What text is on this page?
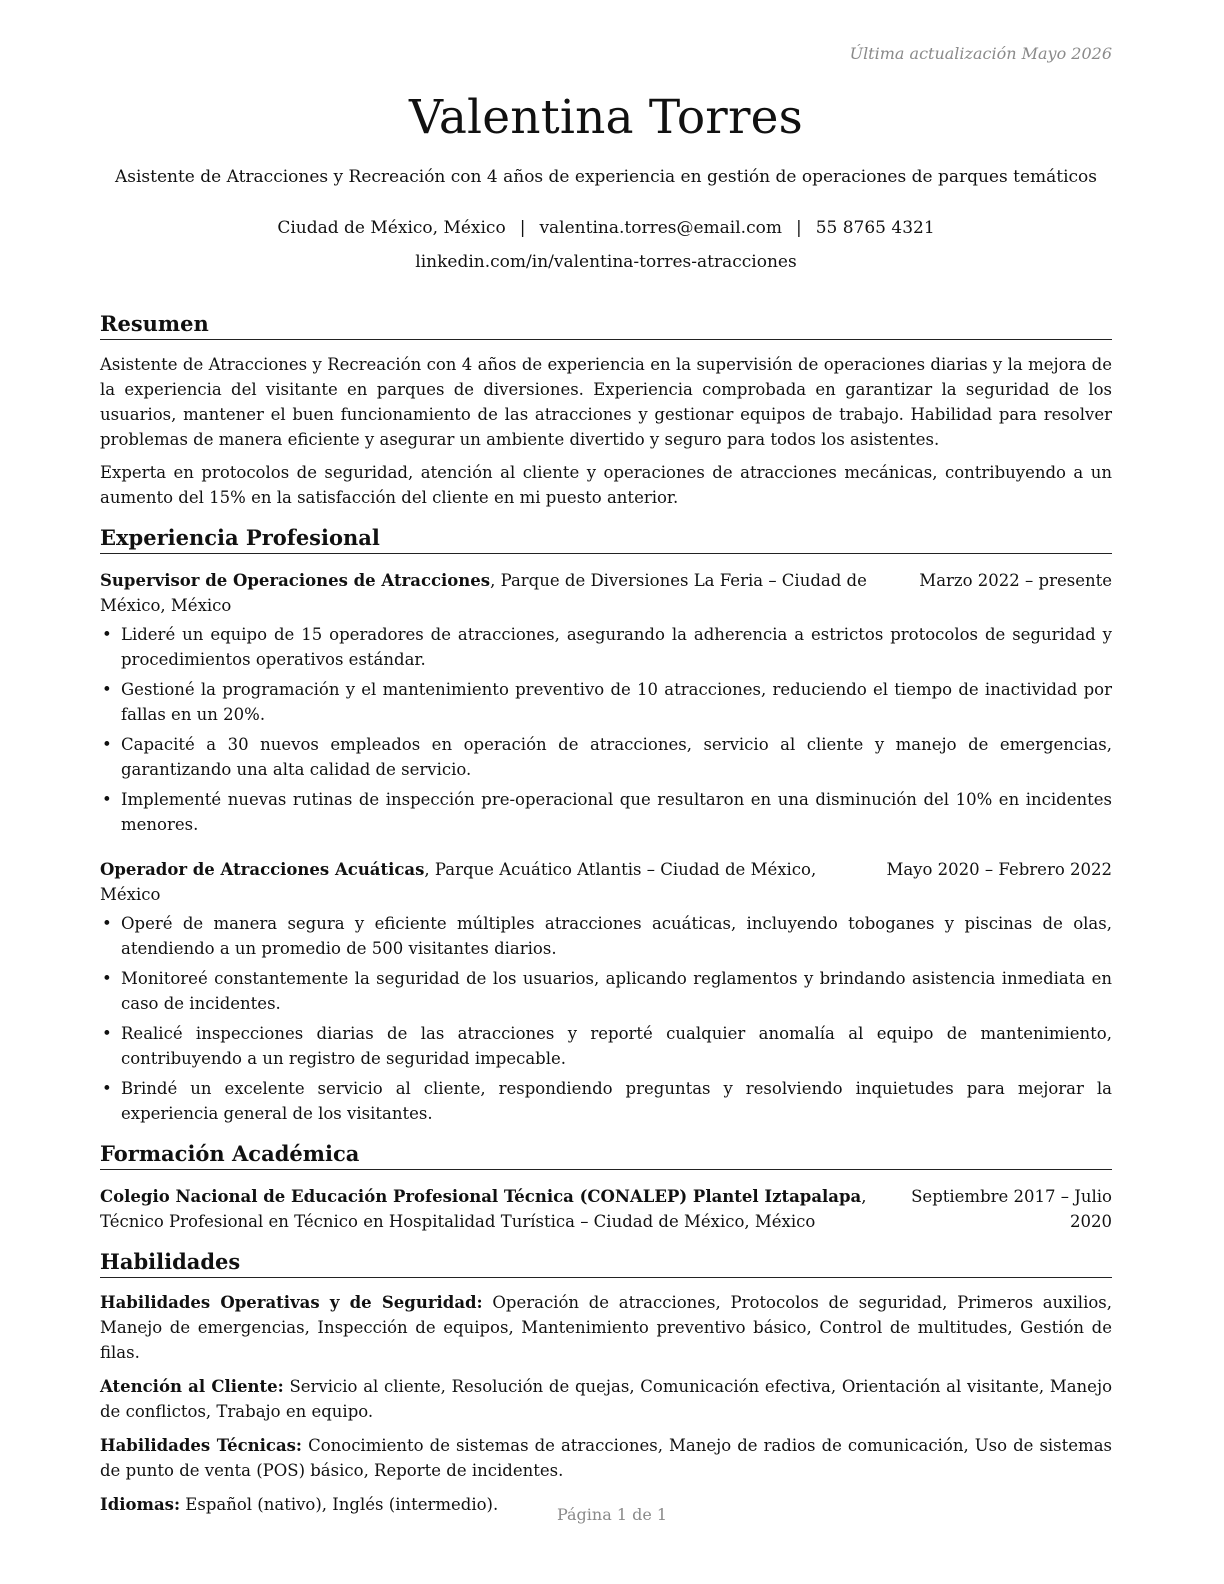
Última actualización Mayo 2026
Valentina Torres
Asistente de Atracciones y Recreación con 4 años de experiencia en gestión de operaciones de parques temáticos
Ciudad de México, México | valentina.torres@email.com | 55 8765 4321
linkedin.com/in/valentina-torres-atracciones
Resumen

Asistente de Atracciones y Recreación con 4 años de experiencia en la supervisión de operaciones diarias y la mejora de la experiencia del visitante en parques de diversiones. Experiencia comprobada en garantizar la seguridad de los usuarios, mantener el buen funcionamiento de las atracciones y gestionar equipos de trabajo. Habilidad para resolver problemas de manera eficiente y asegurar un ambiente divertido y seguro para todos los asistentes.

Experta en protocolos de seguridad, atención al cliente y operaciones de atracciones mecánicas, contribuyendo a un aumento del 15% en la satisfacción del cliente en mi puesto anterior.

Experiencia Profesional
Supervisor de Operaciones de Atracciones, Parque de Diversiones La Feria – Ciudad de México, México
Marzo 2022 – presente
• Lideré un equipo de 15 operadores de atracciones, asegurando la adherencia a estrictos protocolos de seguridad y procedimientos operativos estándar.
• Gestioné la programación y el mantenimiento preventivo de 10 atracciones, reduciendo el tiempo de inactividad por fallas en un 20%.
• Capacité a 30 nuevos empleados en operación de atracciones, servicio al cliente y manejo de emergencias, garantizando una alta calidad de servicio.
• Implementé nuevas rutinas de inspección pre-operacional que resultaron en una disminución del 10% en incidentes menores.
Operador de Atracciones Acuáticas, Parque Acuático Atlantis – Ciudad de México, México
Mayo 2020 – Febrero 2022
• Operé de manera segura y eficiente múltiples atracciones acuáticas, incluyendo toboganes y piscinas de olas, atendiendo a un promedio de 500 visitantes diarios.
• Monitoreé constantemente la seguridad de los usuarios, aplicando reglamentos y brindando asistencia inmediata en caso de incidentes.
• Realicé inspecciones diarias de las atracciones y reporté cualquier anomalía al equipo de mantenimiento, contribuyendo a un registro de seguridad impecable.
• Brindé un excelente servicio al cliente, respondiendo preguntas y resolviendo inquietudes para mejorar la experiencia general de los visitantes.
Formación Académica
Colegio Nacional de Educación Profesional Técnica (CONALEP) Plantel Iztapalapa,
Técnico Profesional en Técnico en Hospitalidad Turística – Ciudad de México, México
Septiembre 2017 – Julio 2020
Habilidades

Habilidades Operativas y de Seguridad: Operación de atracciones, Protocolos de seguridad, Primeros auxilios, Manejo de emergencias, Inspección de equipos, Mantenimiento preventivo básico, Control de multitudes, Gestión de filas.

Atención al Cliente: Servicio al cliente, Resolución de quejas, Comunicación efectiva, Orientación al visitante, Manejo de conflictos, Trabajo en equipo.

Habilidades Técnicas: Conocimiento de sistemas de atracciones, Manejo de radios de comunicación, Uso de sistemas de punto de venta (POS) básico, Reporte de incidentes.

Idiomas: Español (nativo), Inglés (intermedio).

Página 1 de 1
